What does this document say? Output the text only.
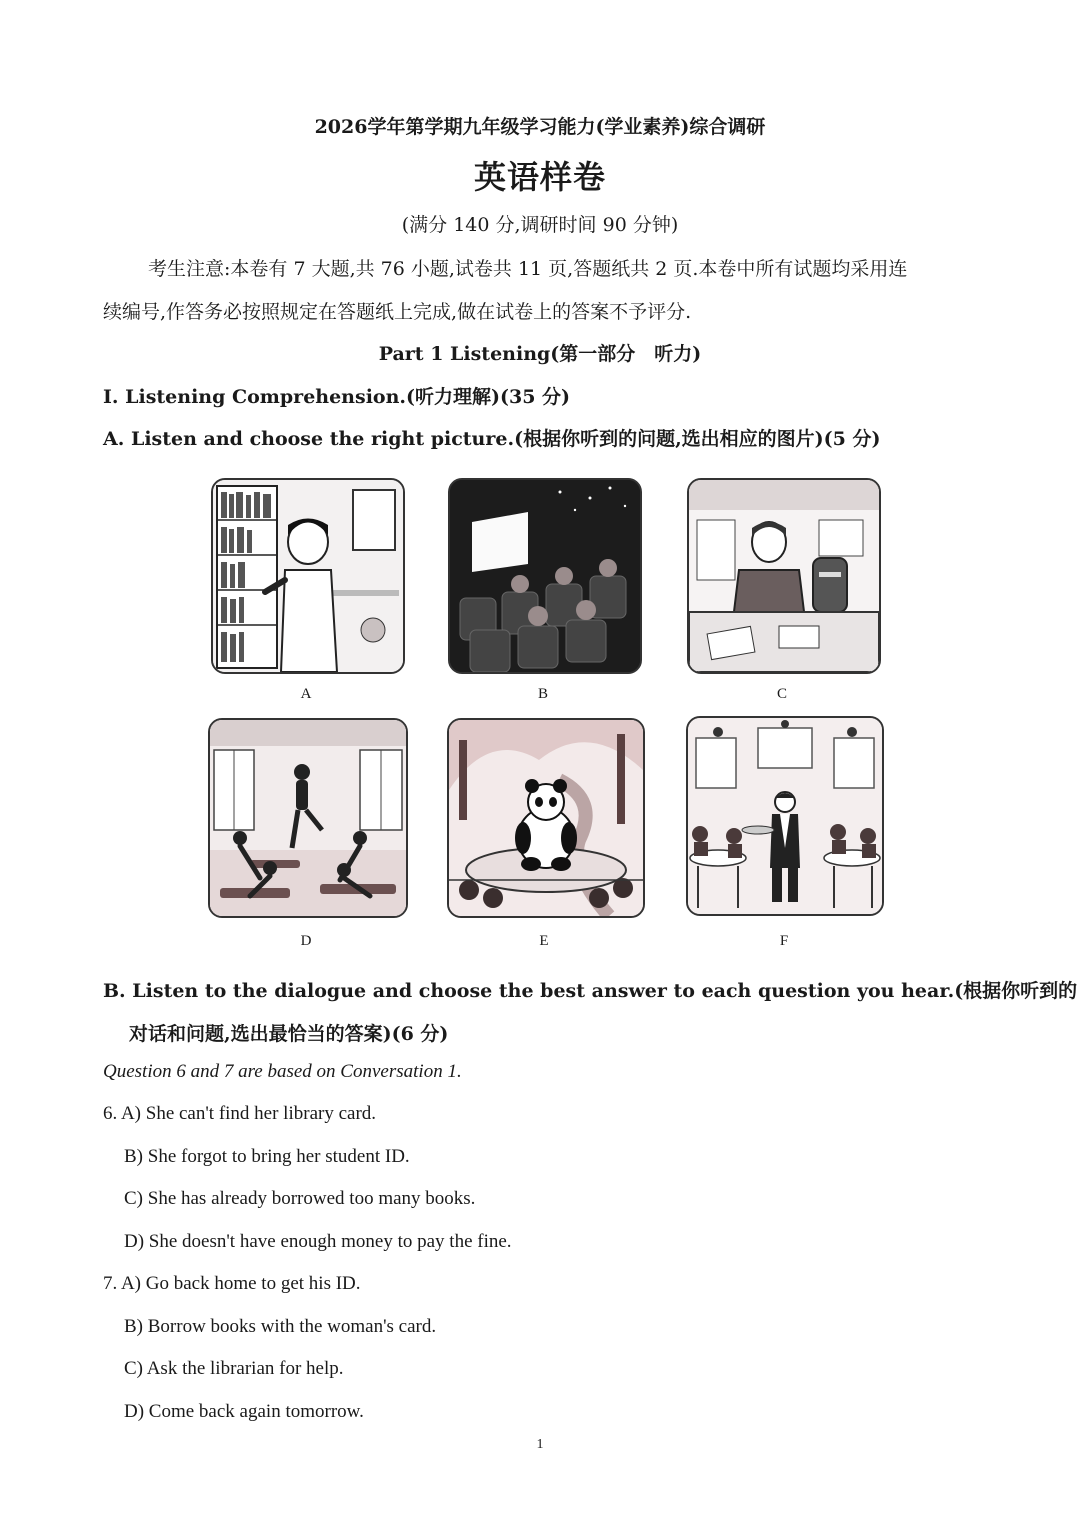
2026学年第学期九年级学习能力(学业素养)综合调研
英语样卷
(满分 140 分,调研时间 90 分钟)
考生注意:本卷有 7 大题,共 76 小题,试卷共 11 页,答题纸共 2 页.本卷中所有试题均采用连
续编号,作答务必按照规定在答题纸上完成,做在试卷上的答案不予评分.
Part 1 Listening(第一部分　听力)
I. Listening Comprehension.(听力理解)(35 分)
A. Listen and choose the right picture.(根据你听到的问题,选出相应的图片)(5 分)
A	B	C
D	E	F
B. Listen to the dialogue and choose the best answer to each question you hear.(根据你听到的
对话和问题,选出最恰当的答案)(6 分)
Question 6 and 7 are based on Conversation 1.
6. A) She can't find her library card.
B) She forgot to bring her student ID.
C) She has already borrowed too many books.
D) She doesn't have enough money to pay the fine.
7. A) Go back home to get his ID.
B) Borrow books with the woman's card.
C) Ask the librarian for help.
D) Come back again tomorrow.
1
